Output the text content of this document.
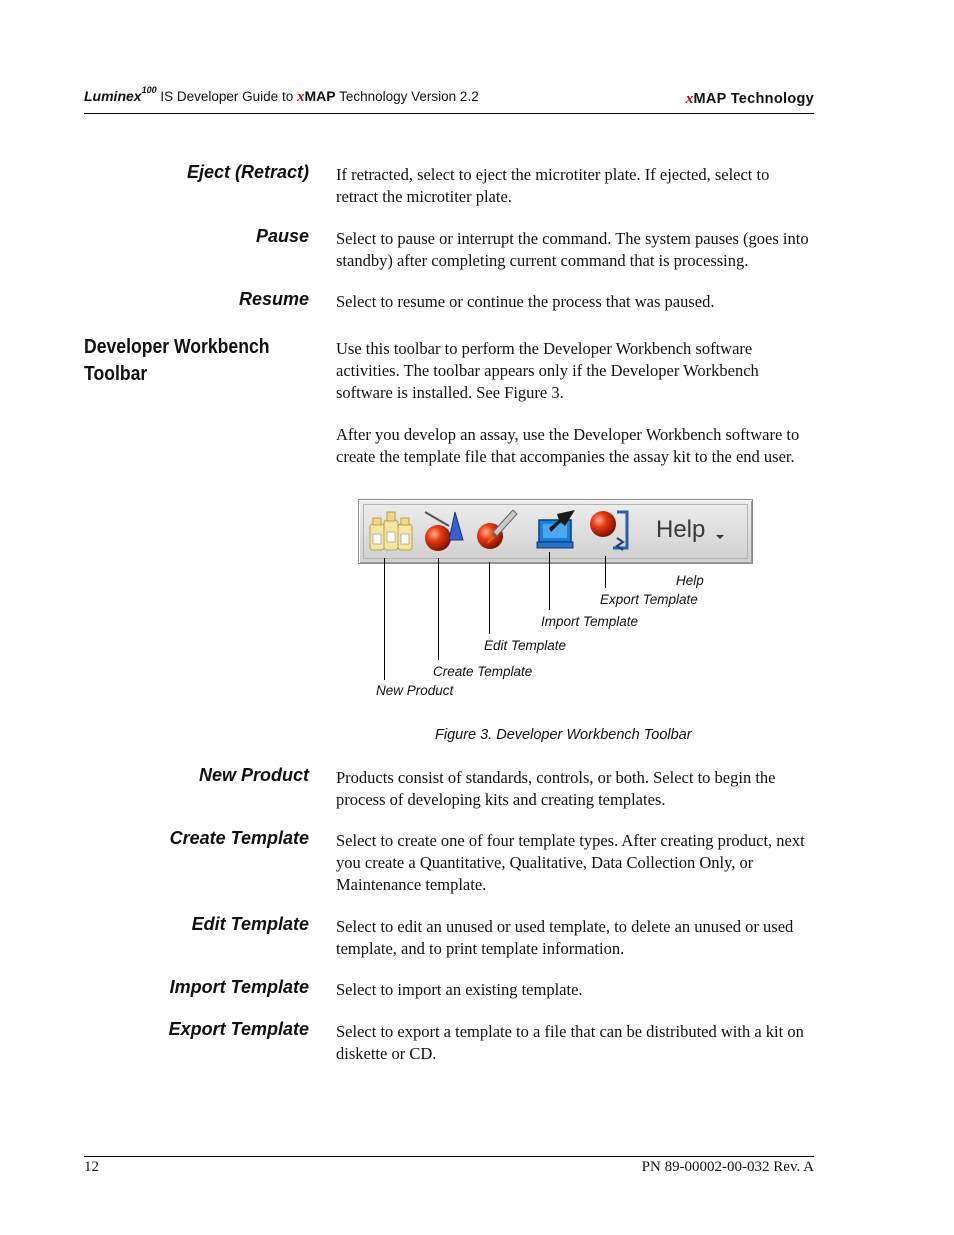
Luminex$^{100}$ IS Developer Guide to xMAP Technology Version 2.2	xMAP Technology
Eject (Retract) If retracted, select to eject the microtiter plate. If ejected, select to retract the microtiter plate.
Pause Select to pause or interrupt the command. The system pauses (goes into standby) after completing current command that is processing.
Resume Select to resume or continue the process that was paused.
Developer Workbench Toolbar
Use this toolbar to perform the Developer Workbench software activities. The toolbar appears only if the Developer Workbench software is installed. See Figure 3.
After you develop an assay, use the Developer Workbench software to create the template file that accompanies the assay kit to the end user.
Help
Help
Export Template
Import Template
Edit Template
Create Template
New Product
Figure 3. Developer Workbench Toolbar
New Product Products consist of standards, controls, or both. Select to begin the process of developing kits and creating templates.
Create Template Select to create one of four template types. After creating product, next you create a Quantitative, Qualitative, Data Collection Only, or Maintenance template.
Edit Template Select to edit an unused or used template, to delete an unused or used template, and to print template information.
Import Template Select to import an existing template.
Export Template Select to export a template to a file that can be distributed with a kit on diskette or CD.
12	PN 89-00002-00-032 Rev. A
